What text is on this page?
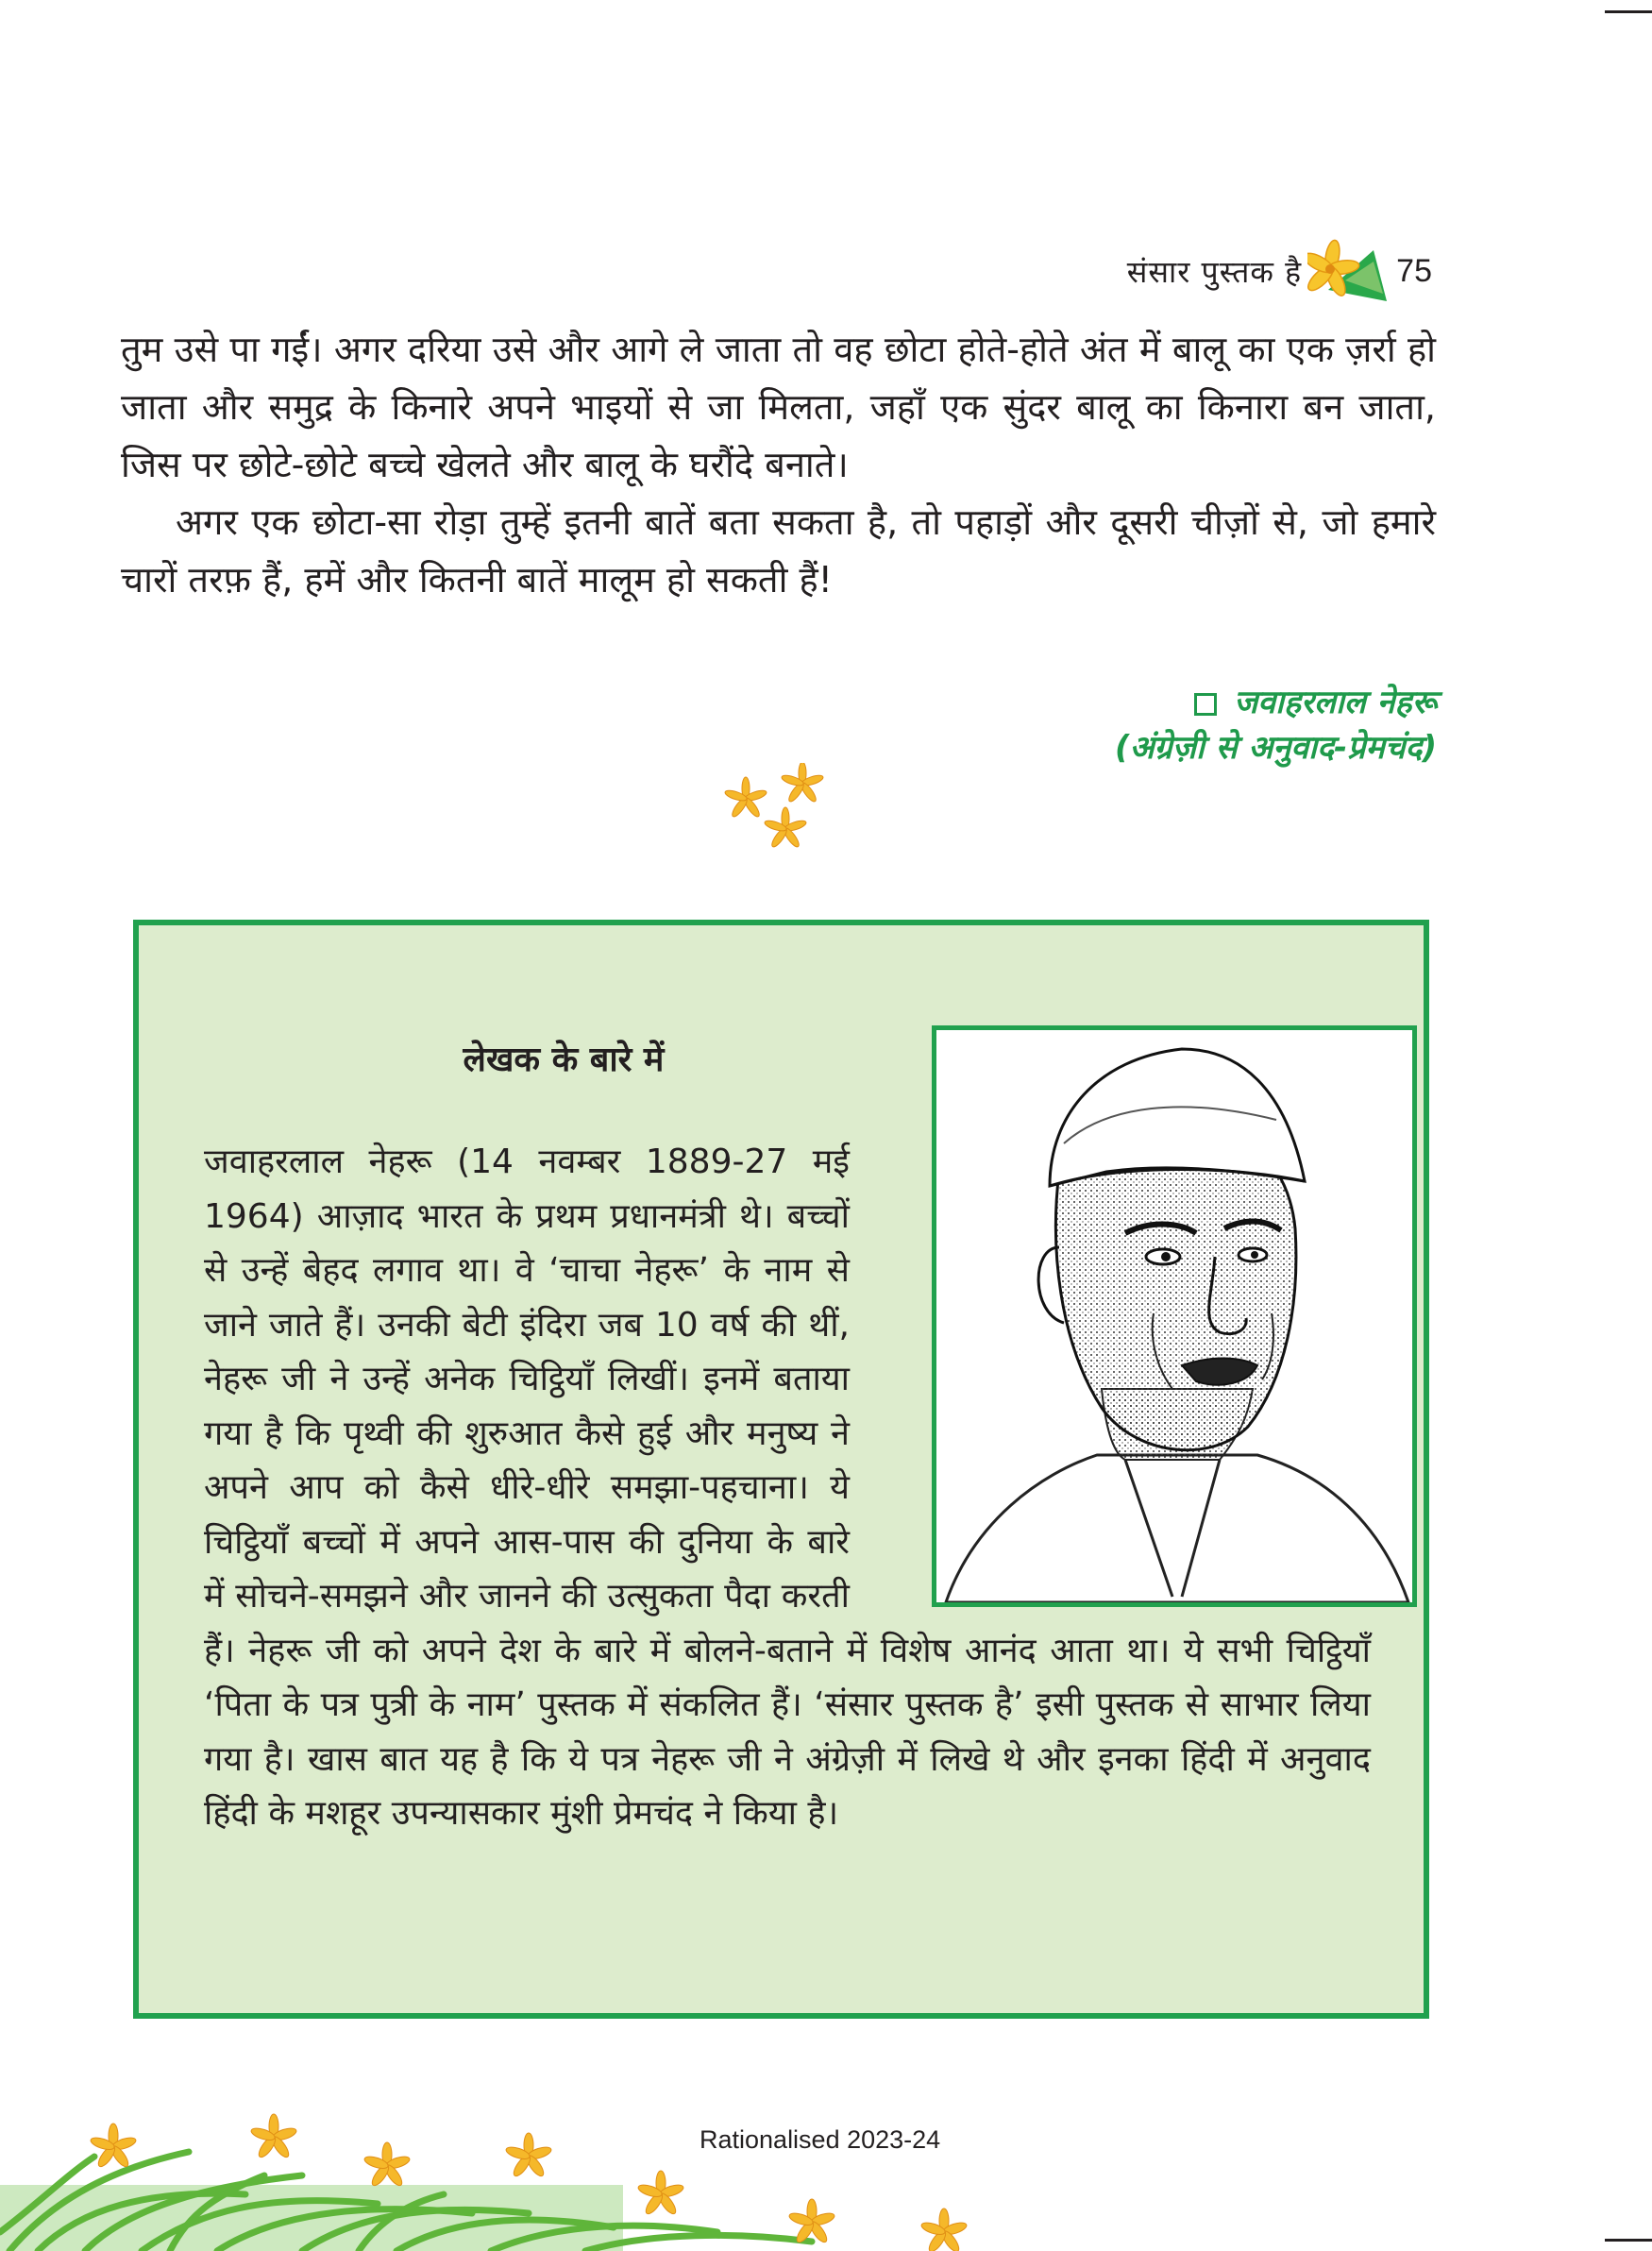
संसार पुस्तक है	75

तुम उसे पा गईं। अगर दरिया उसे और आगे ले जाता तो वह छोटा होते-होते अंत में बालू का एक ज़र्रा हो जाता और समुद्र के किनारे अपने भाइयों से जा मिलता, जहाँ एक सुंदर बालू का किनारा बन जाता, जिस पर छोटे-छोटे बच्चे खेलते और बालू के घरौंदे बनाते।

अगर एक छोटा-सा रोड़ा तुम्हें इतनी बातें बता सकता है, तो पहाड़ों और दूसरी चीज़ों से, जो हमारे चारों तरफ़ हैं, हमें और कितनी बातें मालूम हो सकती हैं!

जवाहरलाल नेहरू
(अंग्रेज़ी से अनुवाद-प्रेमचंद)
लेखक के बारे में

जवाहरलाल नेहरू (14 नवम्बर 1889-27 मई 1964) आज़ाद भारत के प्रथम प्रधानमंत्री थे। बच्चों से उन्हें बेहद लगाव था। वे ‘चाचा नेहरू’ के नाम से जाने जाते हैं। उनकी बेटी इंदिरा जब 10 वर्ष की थीं, नेहरू जी ने उन्हें अनेक चिट्ठियाँ लिखीं। इनमें बताया गया है कि पृथ्वी की शुरुआत कैसे हुई और मनुष्य ने अपने आप को कैसे धीरे-धीरे समझा-पहचाना। ये चिट्ठियाँ बच्चों में अपने आस-पास की दुनिया के बारे में सोचने-समझने और जानने की उत्सुकता पैदा करती हैं। नेहरू जी को अपने देश के बारे में बोलने-बताने में विशेष आनंद आता था। ये सभी चिट्ठियाँ ‘पिता के पत्र पुत्री के नाम’ पुस्तक में संकलित हैं। ‘संसार पुस्तक है’ इसी पुस्तक से साभार लिया गया है। खास बात यह है कि ये पत्र नेहरू जी ने अंग्रेज़ी में लिखे थे और इनका हिंदी में अनुवाद हिंदी के मशहूर उपन्यासकार मुंशी प्रेमचंद ने किया है।

Rationalised 2023-24
